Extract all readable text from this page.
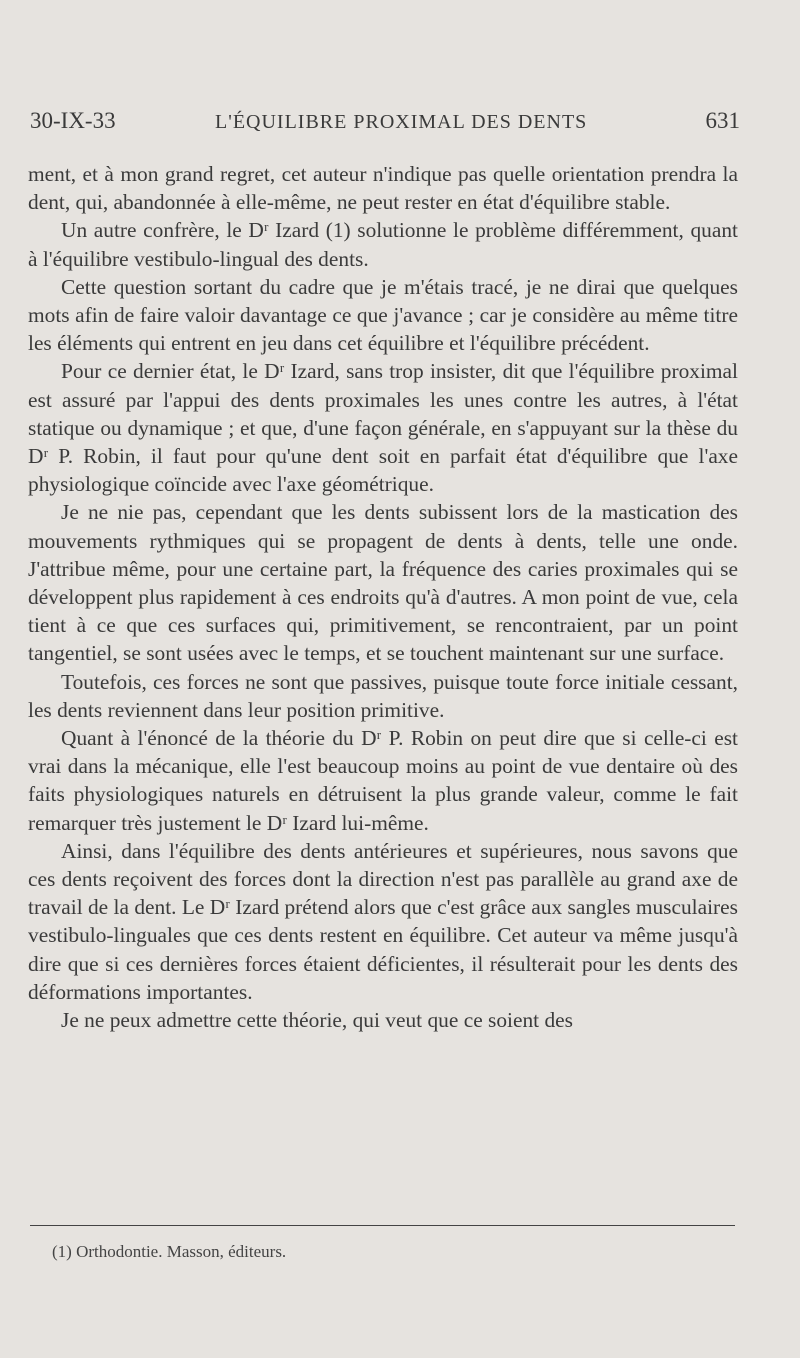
30-IX-33	L'ÉQUILIBRE PROXIMAL DES DENTS	631

ment, et à mon grand regret, cet auteur n'indique pas quelle orientation prendra la dent, qui, abandonnée à elle-même, ne peut rester en état d'équilibre stable.

Un autre confrère, le Dʳ Izard (1) solutionne le problème différemment, quant à l'équilibre vestibulo-lingual des dents.

Cette question sortant du cadre que je m'étais tracé, je ne dirai que quelques mots afin de faire valoir davantage ce que j'avance ; car je considère au même titre les éléments qui entrent en jeu dans cet équilibre et l'équilibre précédent.

Pour ce dernier état, le Dʳ Izard, sans trop insister, dit que l'équilibre proximal est assuré par l'appui des dents proximales les unes contre les autres, à l'état statique ou dynamique ; et que, d'une façon générale, en s'appuyant sur la thèse du Dʳ P. Robin, il faut pour qu'une dent soit en parfait état d'équilibre que l'axe physiologique coïncide avec l'axe géométrique.

Je ne nie pas, cependant que les dents subissent lors de la mastication des mouvements rythmiques qui se propagent de dents à dents, telle une onde. J'attribue même, pour une certaine part, la fréquence des caries proximales qui se développent plus rapidement à ces endroits qu'à d'autres. A mon point de vue, cela tient à ce que ces surfaces qui, primitivement, se rencontraient, par un point tangentiel, se sont usées avec le temps, et se touchent maintenant sur une surface.

Toutefois, ces forces ne sont que passives, puisque toute force initiale cessant, les dents reviennent dans leur position primitive.

Quant à l'énoncé de la théorie du Dʳ P. Robin on peut dire que si celle-ci est vrai dans la mécanique, elle l'est beaucoup moins au point de vue dentaire où des faits physiologiques naturels en détruisent la plus grande valeur, comme le fait remarquer très justement le Dʳ Izard lui-même.

Ainsi, dans l'équilibre des dents antérieures et supérieures, nous savons que ces dents reçoivent des forces dont la direction n'est pas parallèle au grand axe de travail de la dent. Le Dʳ Izard prétend alors que c'est grâce aux sangles musculaires vestibulo-linguales que ces dents restent en équilibre. Cet auteur va même jusqu'à dire que si ces dernières forces étaient déficientes, il résulterait pour les dents des déformations importantes.

Je ne peux admettre cette théorie, qui veut que ce soient des

(1) Orthodontie. Masson, éditeurs.
